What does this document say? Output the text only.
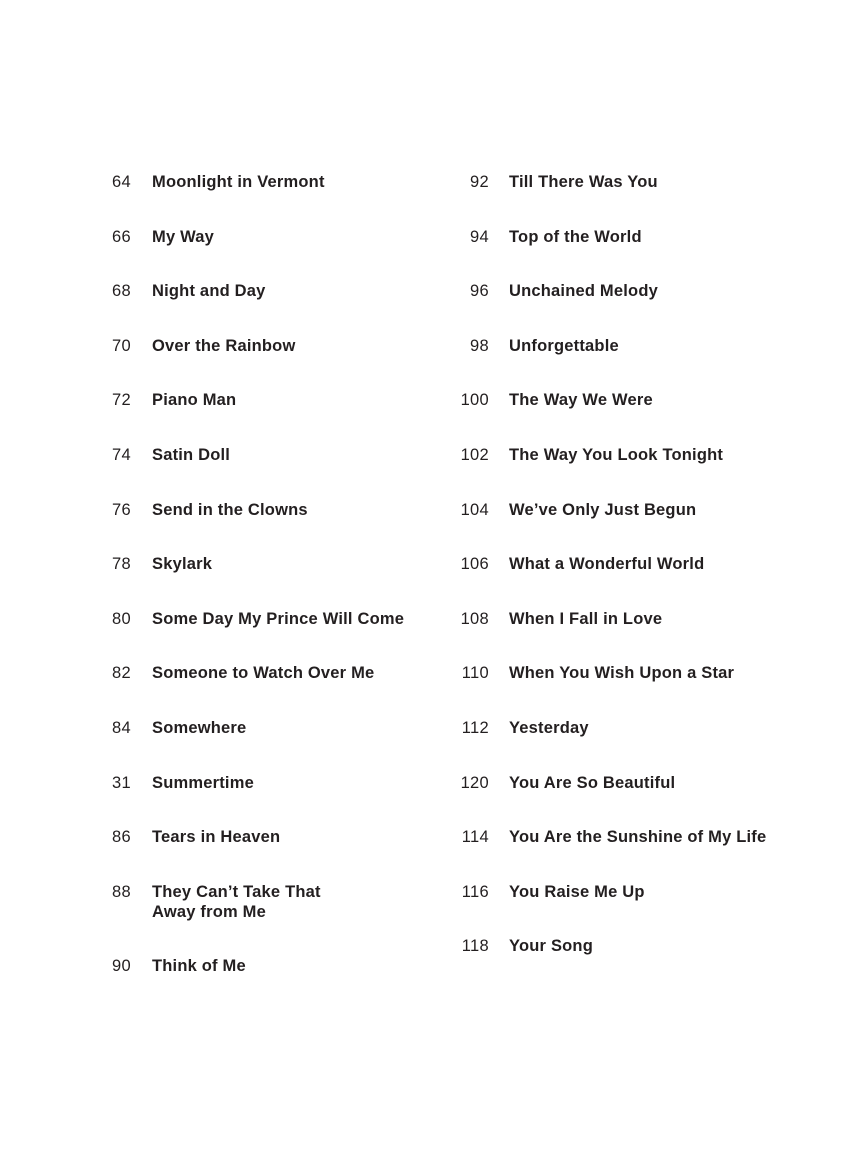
64 Moonlight in Vermont
66 My Way
68 Night and Day
70 Over the Rainbow
72 Piano Man
74 Satin Doll
76 Send in the Clowns
78 Skylark
80 Some Day My Prince Will Come
82 Someone to Watch Over Me
84 Somewhere
31 Summertime
86 Tears in Heaven
88 They Can’t Take That
Away from Me
90 Think of Me
92 Till There Was You
94 Top of the World
96 Unchained Melody
98 Unforgettable
100 The Way We Were
102 The Way You Look Tonight
104 We’ve Only Just Begun
106 What a Wonderful World
108 When I Fall in Love
110 When You Wish Upon a Star
112 Yesterday
120 You Are So Beautiful
114 You Are the Sunshine of My Life
116 You Raise Me Up
118 Your Song
